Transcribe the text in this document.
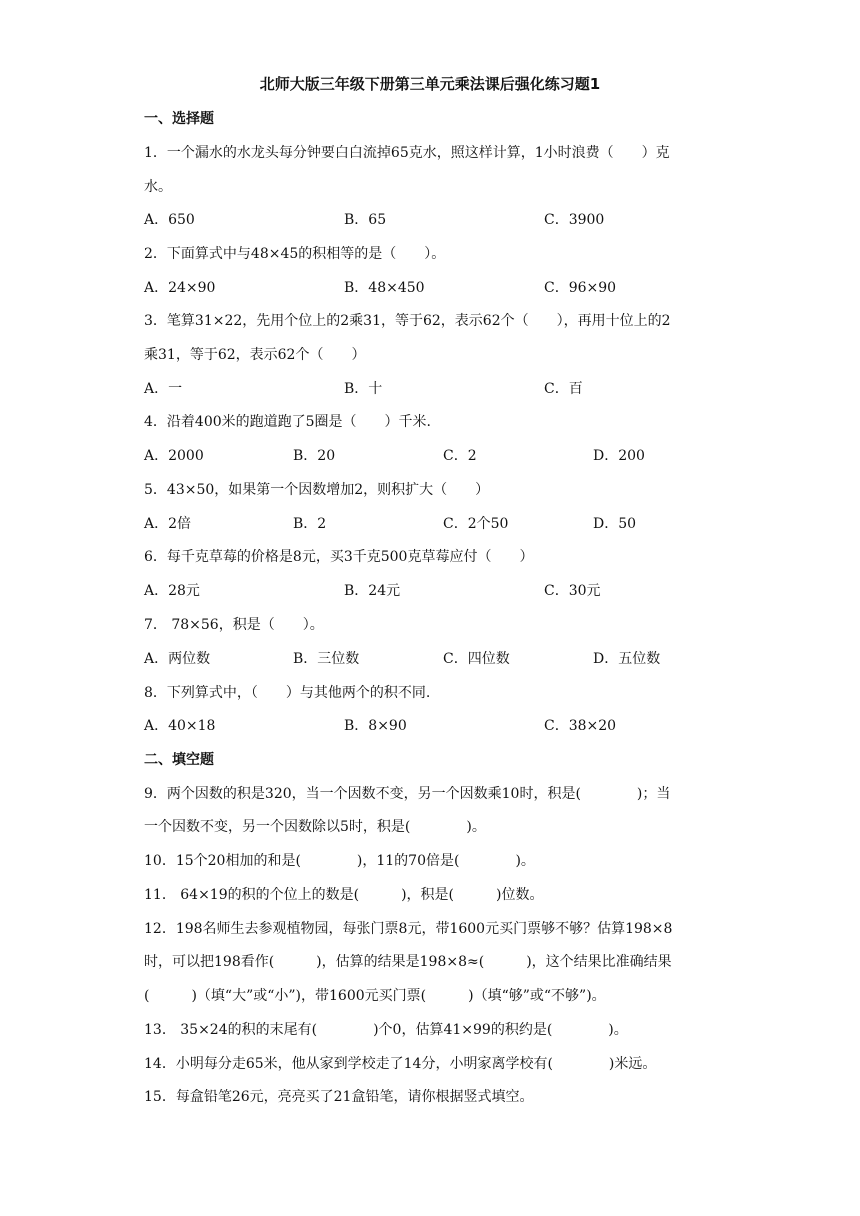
北师大版三年级下册第三单元乘法课后强化练习题1
一、选择题
1．一个漏水的水龙头每分钟要白白流掉65克水，照这样计算，1小时浪费（　　）克
水。
A．650	B．65	C．3900
2．下面算式中与48×45的积相等的是（　　）。
A．24×90	B．48×450	C．96×90
3．笔算31×22，先用个位上的2乘31，等于62，表示62个（　　），再用十位上的2
乘31，等于62，表示62个（　　）
A．一	B．十	C．百
4．沿着400米的跑道跑了5圈是（　　）千米.
A．2000	B．20	C．2	D．200
5．43×50，如果第一个因数增加2，则积扩大（　　）
A．2倍	B．2	C．2个50	D．50
6．每千克草莓的价格是8元，买3千克500克草莓应付（　　）
A．28元	B．24元	C．30元
7． 78×56，积是（　　）。
A．两位数	B．三位数	C．四位数	D．五位数
8．下列算式中，（　　）与其他两个的积不同.
A．40×18	B．8×90	C．38×20
二、填空题
9．两个因数的积是320，当一个因数不变，另一个因数乘10时，积是(　　　　)；当
一个因数不变，另一个因数除以5时，积是(　　　　)。
10．15个20相加的和是(　　　　)，11的70倍是(　　　　)。
11． 64×19的积的个位上的数是(　　　)，积是(　　　)位数。
12．198名师生去参观植物园，每张门票8元，带1600元买门票够不够？估算198×8
时，可以把198看作(　　　)，估算的结果是198×8≈(　　　)，这个结果比准确结果
(　　　)（填“大”或“小”)，带1600元买门票(　　　)（填“够”或“不够”)。
13． 35×24的积的末尾有(　　　　)个0，估算41×99的积约是(　　　　)。
14．小明每分走65米，他从家到学校走了14分，小明家离学校有(　　　　)米远。
15．每盒铅笔26元，亮亮买了21盒铅笔，请你根据竖式填空。
